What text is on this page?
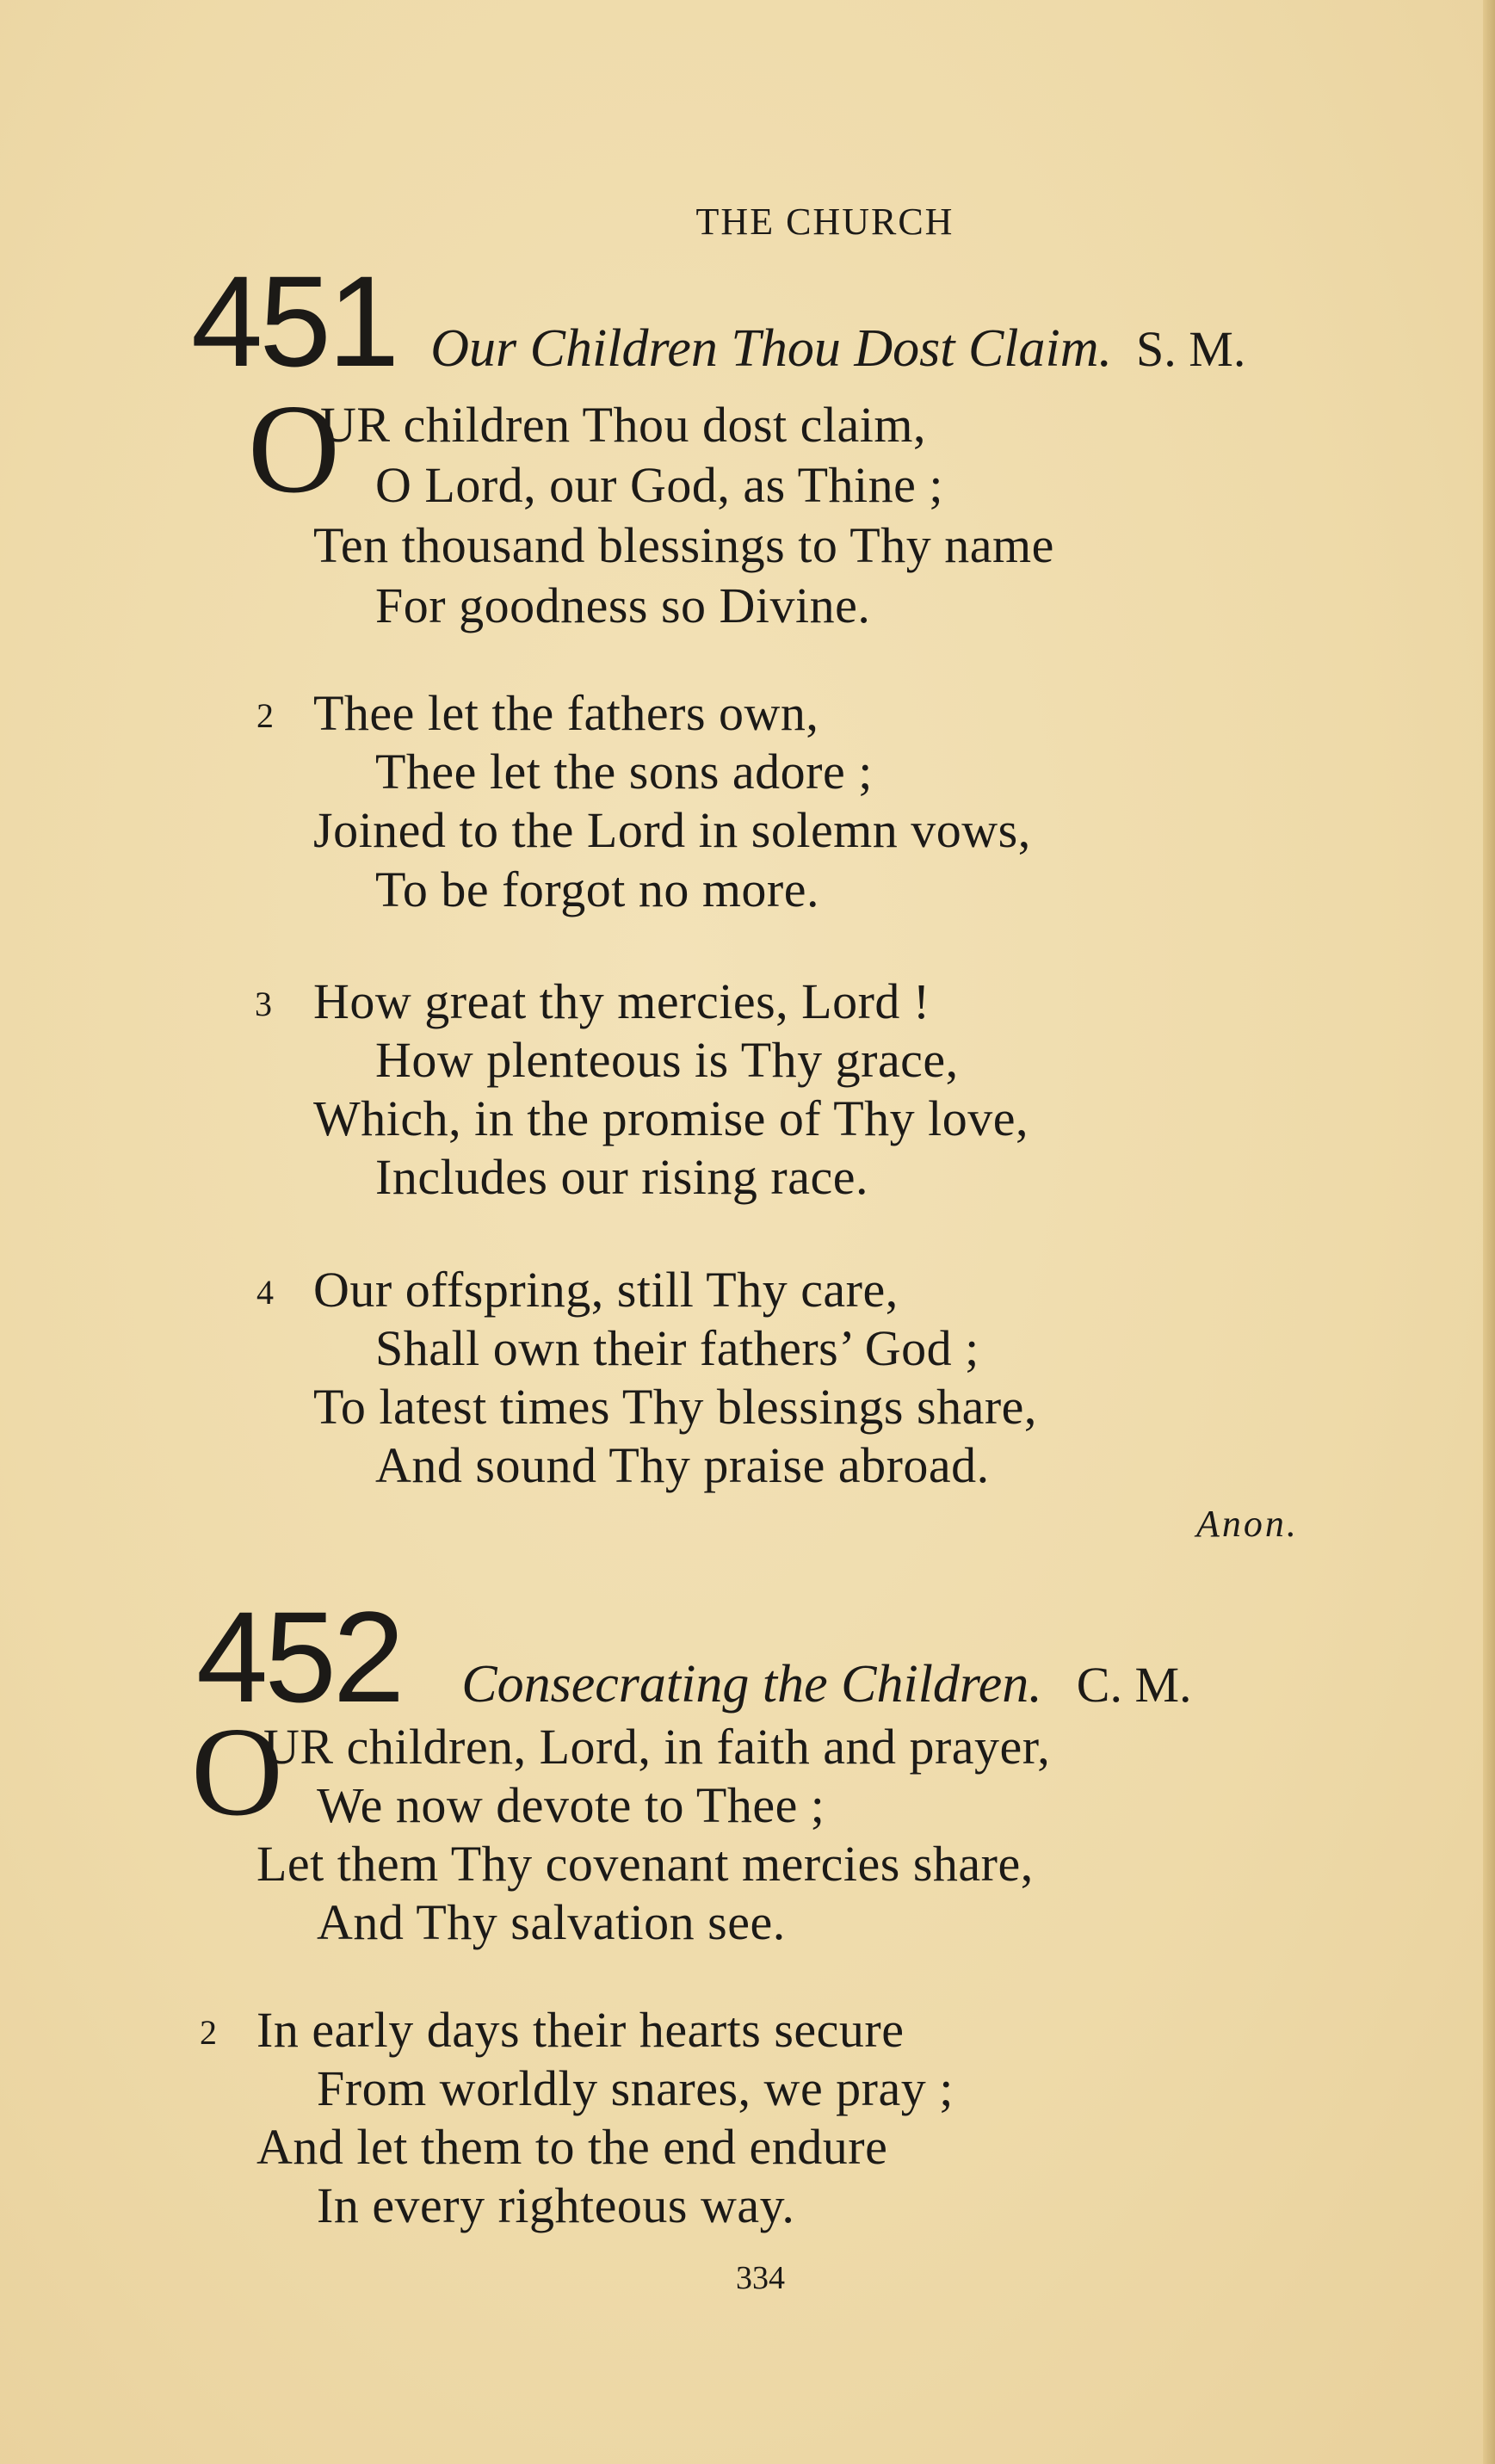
THE CHURCH
451 Our Children Thou Dost Claim. S. M.
O
UR children Thou dost claim,
O Lord, our God, as Thine ;
Ten thousand blessings to Thy name
For goodness so Divine.
2 Thee let the fathers own,
Thee let the sons adore ;
Joined to the Lord in solemn vows,
To be forgot no more.
3 How great thy mercies, Lord !
How plenteous is Thy grace,
Which, in the promise of Thy love,
Includes our rising race.
4 Our offspring, still Thy care,
Shall own their fathers’ God ;
To latest times Thy blessings share,
And sound Thy praise abroad.
Anon.
452 Consecrating the Children. C. M.
O
UR children, Lord, in faith and prayer,
We now devote to Thee ;
Let them Thy covenant mercies share,
And Thy salvation see.
2 In early days their hearts secure
From worldly snares, we pray ;
And let them to the end endure
In every righteous way.
334
